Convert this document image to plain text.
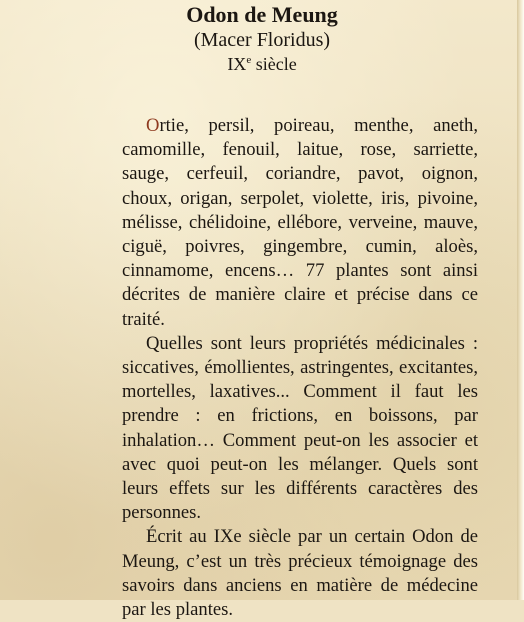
Odon de Meung
(Macer Floridus)
IXe siècle

Ortie, persil, poireau, menthe, aneth, camomille, fenouil, laitue, rose, sarriette, sauge, cerfeuil, coriandre, pavot, oignon, choux, origan, serpolet, violette, iris, pivoine, mélisse, chélidoine, ellébore, verveine, mauve, ciguë, poivres, gingembre, cumin, aloès, cinnamome, encens… 77 plantes sont ainsi décrites de manière claire et précise dans ce traité.

Quelles sont leurs propriétés médicinales : siccatives, émollientes, astringentes, excitantes, mortelles, laxatives... Comment il faut les prendre : en frictions, en boissons, par inhalation… Comment peut-on les associer et avec quoi peut-on les mélanger. Quels sont leurs effets sur les différents caractères des personnes.

Écrit au IXe siècle par un certain Odon de Meung, c’est un très précieux témoignage des savoirs dans anciens en matière de médecine par les plantes.
